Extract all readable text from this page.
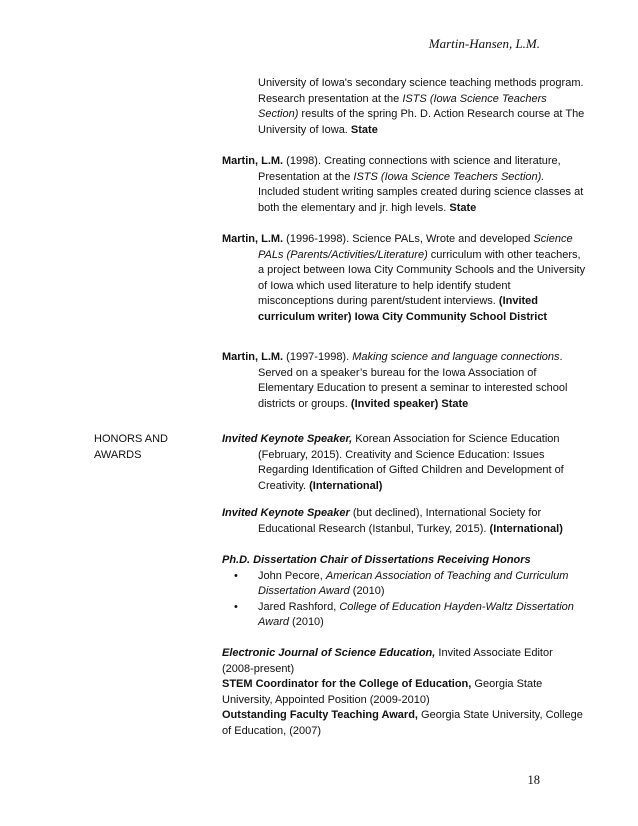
Martin-Hansen, L.M.

University of Iowa's secondary science teaching methods program. Research presentation at the ISTS (Iowa Science Teachers Section) results of the spring Ph. D. Action Research course at The University of Iowa. State

Martin, L.M. (1998). Creating connections with science and literature, Presentation at the ISTS (Iowa Science Teachers Section). Included student writing samples created during science classes at both the elementary and jr. high levels. State

Martin, L.M. (1996-1998). Science PALs, Wrote and developed Science PALs (Parents/Activities/Literature) curriculum with other teachers, a project between Iowa City Community Schools and the University of Iowa which used literature to help identify student misconceptions during parent/student interviews. (Invited curriculum writer) Iowa City Community School District

Martin, L.M. (1997-1998). Making science and language connections. Served on a speaker’s bureau for the Iowa Association of Elementary Education to present a seminar to interested school districts or groups. (Invited speaker) State

HONORS AND AWARDS

Invited Keynote Speaker, Korean Association for Science Education (February, 2015). Creativity and Science Education: Issues Regarding Identification of Gifted Children and Development of Creativity. (International)

Invited Keynote Speaker (but declined), International Society for Educational Research (Istanbul, Turkey, 2015). (International)

Ph.D. Dissertation Chair of Dissertations Receiving Honors

• John Pecore, American Association of Teaching and Curriculum Dissertation Award (2010)
• Jared Rashford, College of Education Hayden-Waltz Dissertation Award (2010)

Electronic Journal of Science Education, Invited Associate Editor (2008-present)

STEM Coordinator for the College of Education, Georgia State University, Appointed Position (2009-2010)

Outstanding Faculty Teaching Award, Georgia State University, College of Education, (2007)

18
